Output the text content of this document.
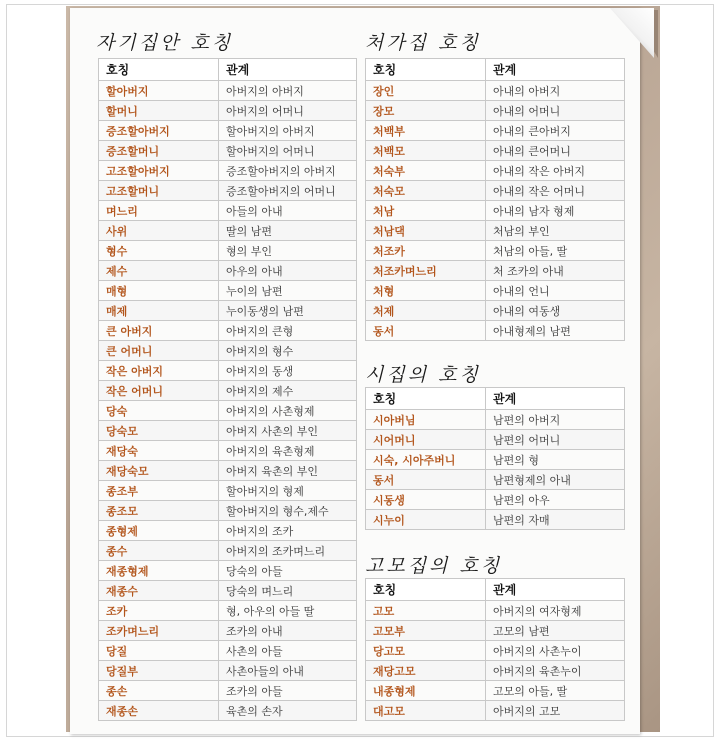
자기집안 호칭
호칭	관계
할아버지	아버지의 아버지
할머니	아버지의 어머니
증조할아버지	할아버지의 아버지
증조할머니	할아버지의 어머니
고조할아버지	증조할아버지의 아버지
고조할머니	증조할아버지의 어머니
며느리	아들의 아내
사위	딸의 남편
형수	형의 부인
제수	아우의 아내
매형	누이의 남편
매제	누이동생의 남편
큰 아버지	아버지의 큰형
큰 어머니	아버지의 형수
작은 아버지	아버지의 동생
작은 어머니	아버지의 제수
당숙	아버지의 사촌형제
당숙모	아버지 사촌의 부인
재당숙	아버지의 육촌형제
재당숙모	아버지 육촌의 부인
종조부	할아버지의 형제
종조모	할아버지의 형수,제수
종형제	아버지의 조카
종수	아버지의 조카며느리
재종형제	당숙의 아들
재종수	당숙의 며느리
조카	형, 아우의 아들 딸
조카며느리	조카의 아내
당질	사촌의 아들
당질부	사촌아들의 아내
종손	조카의 아들
재종손	육촌의 손자
처가집 호칭
호칭	관계
장인	아내의 아버지
장모	아내의 어머니
처백부	아내의 큰아버지
처백모	아내의 큰어머니
처숙부	아내의 작은 아버지
처숙모	아내의 작은 어머니
처남	아내의 남자 형제
처남댁	처남의 부인
처조카	처남의 아들, 딸
처조카며느리	처 조카의 아내
처형	아내의 언니
처제	아내의 여동생
동서	아내형제의 남편
시집의 호칭
호칭	관계
시아버님	남편의 아버지
시어머니	남편의 어머니
시숙, 시아주버니	남편의 형
동서	남편형제의 아내
시동생	남편의 아우
시누이	남편의 자매
고모집의 호칭
호칭	관계
고모	아버지의 여자형제
고모부	고모의 남편
당고모	아버지의 사촌누이
재당고모	아버지의 육촌누이
내종형제	고모의 아들, 딸
대고모	아버지의 고모
